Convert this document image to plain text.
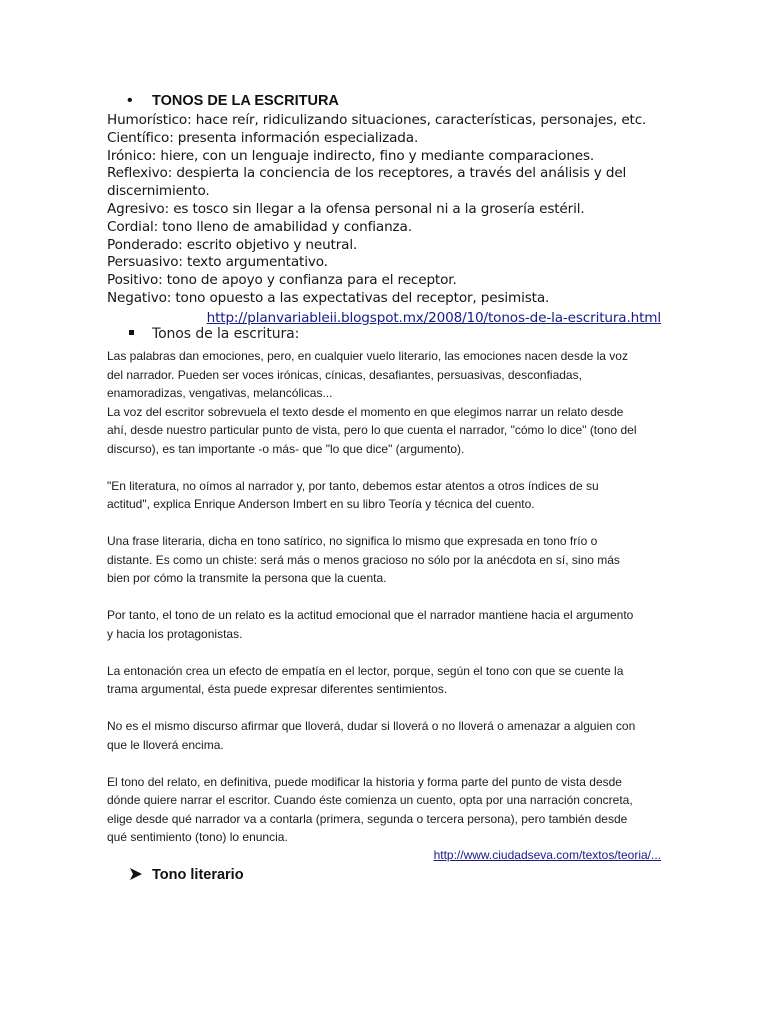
• TONOS DE LA ESCRITURA
Humorístico: hace reír, ridiculizando situaciones, características, personajes, etc.
Científico: presenta información especializada.
Irónico: hiere, con un lenguaje indirecto, fino y mediante comparaciones.
Reflexivo: despierta la conciencia de los receptores, a través del análisis y del
discernimiento.
Agresivo: es tosco sin llegar a la ofensa personal ni a la grosería estéril.
Cordial: tono lleno de amabilidad y confianza.
Ponderado: escrito objetivo y neutral.
Persuasivo: texto argumentativo.
Positivo: tono de apoyo y confianza para el receptor.
Negativo: tono opuesto a las expectativas del receptor, pesimista.
http://planvariableii.blogspot.mx/2008/10/tonos-de-la-escritura.html
Tonos de la escritura:

Las palabras dan emociones, pero, en cualquier vuelo literario, las emociones nacen desde la voz
del narrador. Pueden ser voces irónicas, cínicas, desafiantes, persuasivas, desconfiadas,
enamoradizas, vengativas, melancólicas...

La voz del escritor sobrevuela el texto desde el momento en que elegimos narrar un relato desde
ahí, desde nuestro particular punto de vista, pero lo que cuenta el narrador, "cómo lo dice" (tono del
discurso), es tan importante -o más- que "lo que dice" (argumento).

"En literatura, no oímos al narrador y, por tanto, debemos estar atentos a otros índices de su
actitud", explica Enrique Anderson Imbert en su libro Teoría y técnica del cuento.

Una frase literaria, dicha en tono satírico, no significa lo mismo que expresada en tono frío o
distante. Es como un chiste: será más o menos gracioso no sólo por la anécdota en sí, sino más
bien por cómo la transmite la persona que la cuenta.

Por tanto, el tono de un relato es la actitud emocional que el narrador mantiene hacia el argumento
y hacia los protagonistas.

La entonación crea un efecto de empatía en el lector, porque, según el tono con que se cuente la
trama argumental, ésta puede expresar diferentes sentimientos.

No es el mismo discurso afirmar que lloverá, dudar si lloverá o no lloverá o amenazar a alguien con
que le lloverá encima.

El tono del relato, en definitiva, puede modificar la historia y forma parte del punto de vista desde
dónde quiere narrar el escritor. Cuando éste comienza un cuento, opta por una narración concreta,
elige desde qué narrador va a contarla (primera, segunda o tercera persona), pero también desde
qué sentimiento (tono) lo enuncia.

http://www.ciudadseva.com/textos/teoria/...
Tono literario
